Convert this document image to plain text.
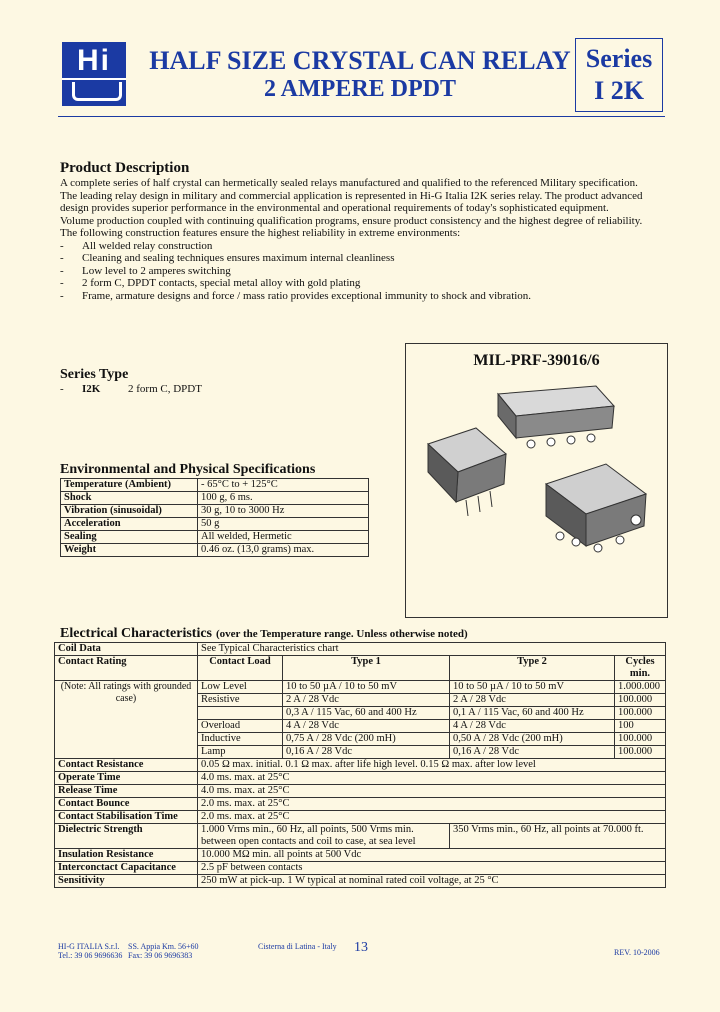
Hi	HALF SIZE CRYSTAL CAN RELAY
2 AMPERE DPDT
Series
I 2K
Product Description
A complete series of half crystal can hermetically sealed relays manufactured and qualified to the referenced Military specification.
The leading relay design in military and commercial application is represented in Hi-G Italia I2K series relay. The product advanced design provides superior performance in the environmental and operational requirements of today's sophisticated equipment.
Volume production coupled with continuing qualification programs, ensure product consistency and the highest degree of reliability.
The following construction features ensure the highest reliability in extreme environments:
-	All welded relay construction
-	Cleaning and sealing techniques ensures maximum internal cleanliness
-	Low level to 2 amperes switching
-	2 form C, DPDT contacts, special metal alloy with gold plating
-	Frame, armature designs and force / mass ratio provides exceptional immunity to shock and vibration.
Series Type
-	I2K	2 form C, DPDT
MIL-PRF-39016/6
Environmental and Physical Specifications
Temperature (Ambient)	- 65°C to + 125°C
Shock	100 g, 6 ms.
Vibration (sinusoidal)	30 g, 10 to 3000 Hz
Acceleration	50 g
Sealing	All welded, Hermetic
Weight	0.46 oz. (13,0 grams) max.
Electrical Characteristics (over the Temperature range. Unless otherwise noted)
Coil Data	See Typical Characteristics chart			
Contact Rating	Contact Load	Type 1	Type 2	Cycles min.
(Note: All ratings with grounded case)	Low Level	10 to 50 µA / 10 to 50 mV	10 to 50 µA / 10 to 50 mV	1.000.000
	Resistive	2 A / 28 Vdc	2 A / 28 Vdc	100.000
		0,3 A / 115 Vac, 60 and 400 Hz	0,1 A / 115 Vac, 60 and 400 Hz	100.000
	Overload	4 A / 28 Vdc	4 A / 28 Vdc	100
	Inductive	0,75 A / 28 Vdc (200 mH)	0,50 A / 28 Vdc (200 mH)	100.000
	Lamp	0,16 A / 28 Vdc	0,16 A / 28 Vdc	100.000
Contact Resistance	0.05 Ω max. initial. 0.1 Ω max. after life high level. 0.15 Ω max. after low level			
Operate Time	4.0 ms. max. at 25°C			
Release Time	4.0 ms. max. at 25°C			
Contact Bounce	2.0 ms. max. at 25°C			
Contact Stabilisation Time	2.0 ms. max. at 25°C			
Dielectric Strength	1.000 Vrms min., 60 Hz, all points, 500 Vrms min. between open contacts and coil to case, at sea level		350 Vrms min., 60 Hz, all points at 70.000 ft.	
Insulation Resistance	10.000 MΩ min. all points at 500 Vdc			
Interconctact Capacitance	2.5 pF between contacts			
Sensitivity	250 mW at pick-up. 1 W typical at nominal rated coil voltage, at 25 °C			
HI-G ITALIA S.r.l.
Tel.: 39 06 9696636
SS. Appia Km. 56+60
Fax: 39 06 9696383
Cisterna di Latina - Italy 13	REV. 10-2006
